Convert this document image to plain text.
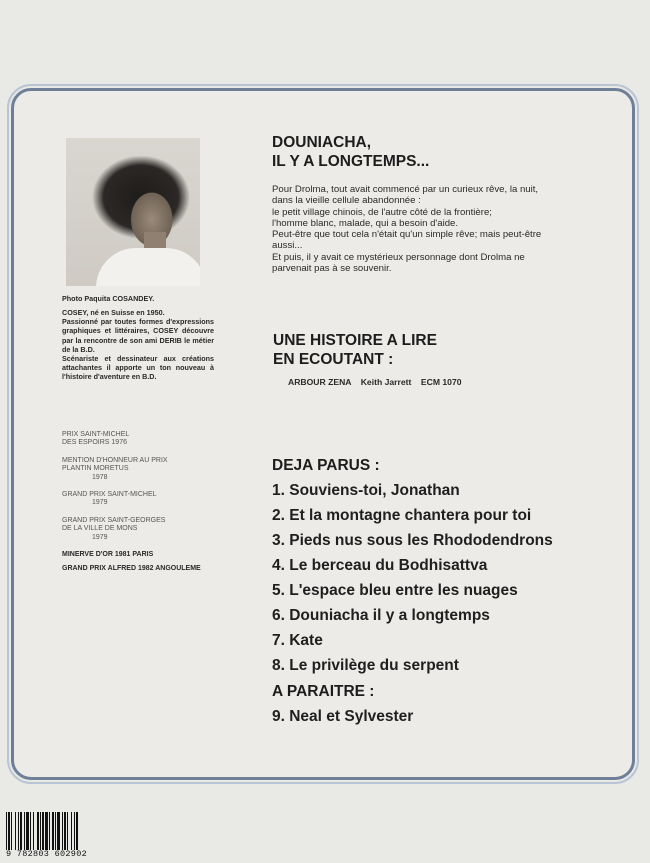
Photo Paquita COSANDEY.
COSEY, né en Suisse en 1950.
Passionné par toutes formes d'expressions graphiques et littéraires, COSEY découvre par la rencontre de son ami DERIB le métier de la B.D.
Scénariste et dessinateur aux créations attachantes il apporte un ton nouveau à l'histoire d'aventure en B.D.
PRIX SAINT-MICHEL DES ESPOIRS 1976
MENTION D'HONNEUR AU PRIX PLANTIN MORETUS
1978
GRAND PRIX SAINT-MICHEL
1979
GRAND PRIX SAINT-GEORGES DE LA VILLE DE MONS
1979
MINERVE D'OR 1981 PARIS
GRAND PRIX ALFRED 1982 ANGOULEME
DOUNIACHA,
IL Y A LONGTEMPS...
Pour Drolma, tout avait commencé par un curieux rêve, la nuit,
dans la vieille cellule abandonnée :
le petit village chinois, de l'autre côté de la frontière;
l'homme blanc, malade, qui a besoin d'aide.
Peut-être que tout cela n'était qu'un simple rêve; mais peut-être
aussi...
Et puis, il y avait ce mystérieux personnage dont Drolma ne
parvenait pas à se souvenir.
UNE HISTOIRE A LIRE
EN ECOUTANT :
ARBOUR ZENA    Keith Jarrett    ECM 1070
DEJA PARUS :
1. Souviens-toi, Jonathan
2. Et la montagne chantera pour toi
3. Pieds nus sous les Rhododendrons
4. Le berceau du Bodhisattva
5. L'espace bleu entre les nuages
6. Douniacha il y a longtemps
7. Kate
8. Le privilège du serpent
A PARAITRE :
9. Neal et Sylvester
9 782803 602902
